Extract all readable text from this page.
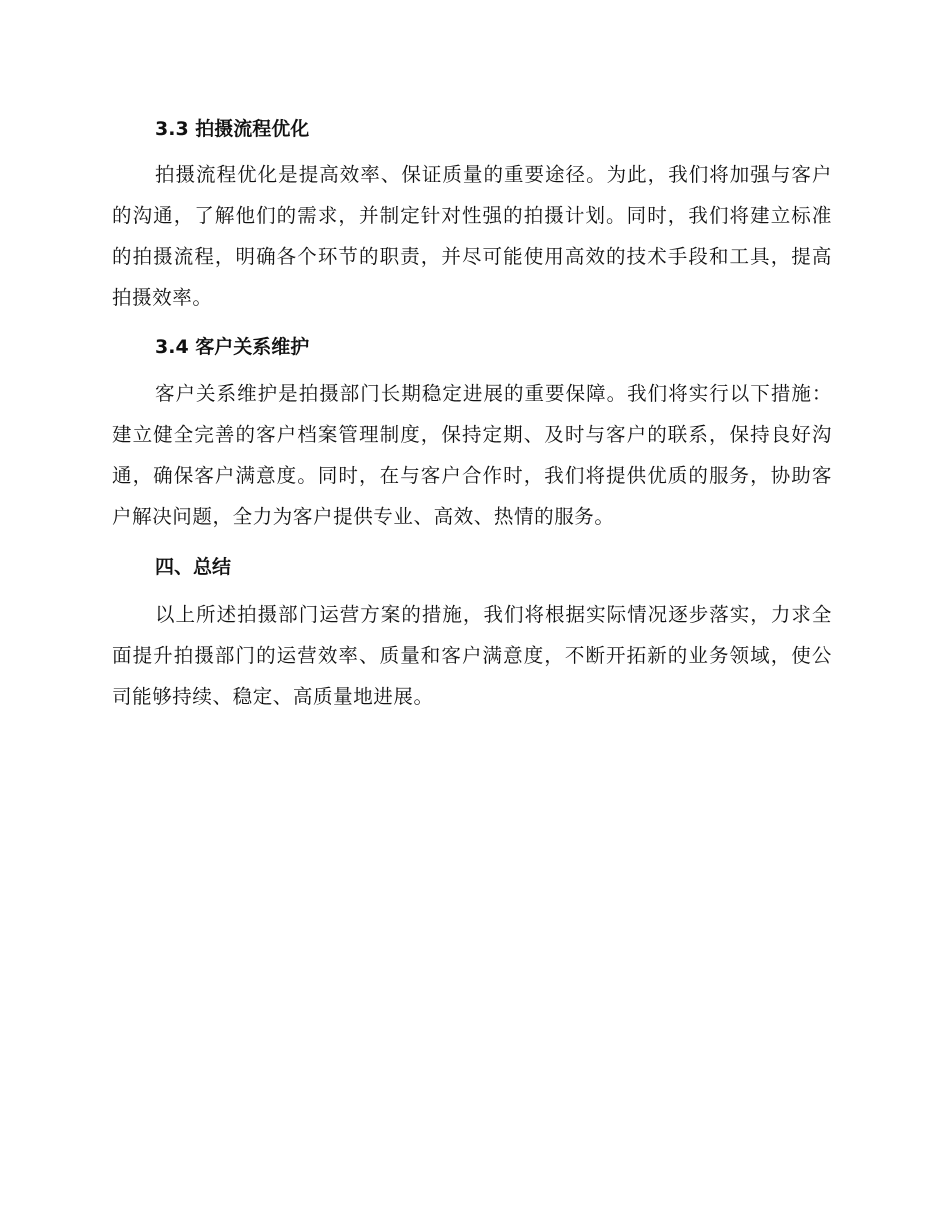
3.3 拍摄流程优化

拍摄流程优化是提高效率、保证质量的重要途径。为此，我们将加强与客户的沟通，了解他们的需求，并制定针对性强的拍摄计划。同时，我们将建立标准的拍摄流程，明确各个环节的职责，并尽可能使用高效的技术手段和工具，提高拍摄效率。

3.4 客户关系维护

客户关系维护是拍摄部门长期稳定进展的重要保障。我们将实行以下措施：建立健全完善的客户档案管理制度，保持定期、及时与客户的联系，保持良好沟通，确保客户满意度。同时，在与客户合作时，我们将提供优质的服务，协助客户解决问题，全力为客户提供专业、高效、热情的服务。

四、总结

以上所述拍摄部门运营方案的措施，我们将根据实际情况逐步落实，力求全面提升拍摄部门的运营效率、质量和客户满意度，不断开拓新的业务领域，使公司能够持续、稳定、高质量地进展。
